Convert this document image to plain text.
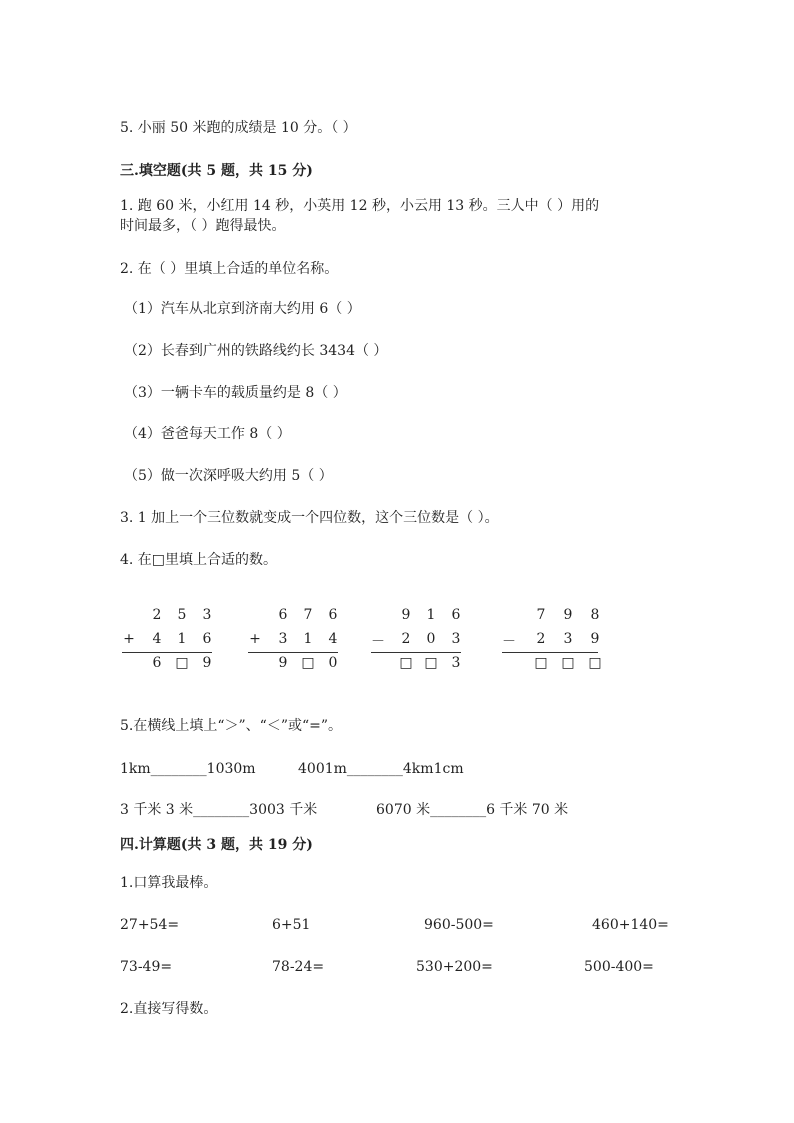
5. 小丽 50 米跑的成绩是 10 分。（ ）
三.填空题(共 5 题，共 15 分)
1. 跑 60 米，小红用 14 秒，小英用 12 秒，小云用 13 秒。三人中（ ）用的
时间最多，（ ）跑得最快。
2. 在（ ）里填上合适的单位名称。
（1）汽车从北京到济南大约用 6（ ）
（2）长春到广州的铁路线约长 3434（ ）
（3）一辆卡车的载质量约是 8（ ）
（4）爸爸每天工作 8（ ）
（5）做一次深呼吸大约用 5（ ）
3. 1 加上一个三位数就变成一个四位数，这个三位数是（ ）。
4. 在□里填上合适的数。
2 5 3
+ 4 1 6
6 □ 9
6 7 6
+ 3 1 4
9 □ 0
9 1 6
－ 2 0 3
□ □ 3
7 9 8
－ 2 3 9
□ □ □
5.在横线上填上“＞”、“＜”或“=”。
1km________1030m	4001m________4km1cm
3 千米 3 米________3003 千米	6070 米________6 千米 70 米
四.计算题(共 3 题，共 19 分)
1.口算我最棒。
27+54=	6+51	960-500=	460+140=
73-49=	78-24=	530+200=	500-400=
2.直接写得数。
